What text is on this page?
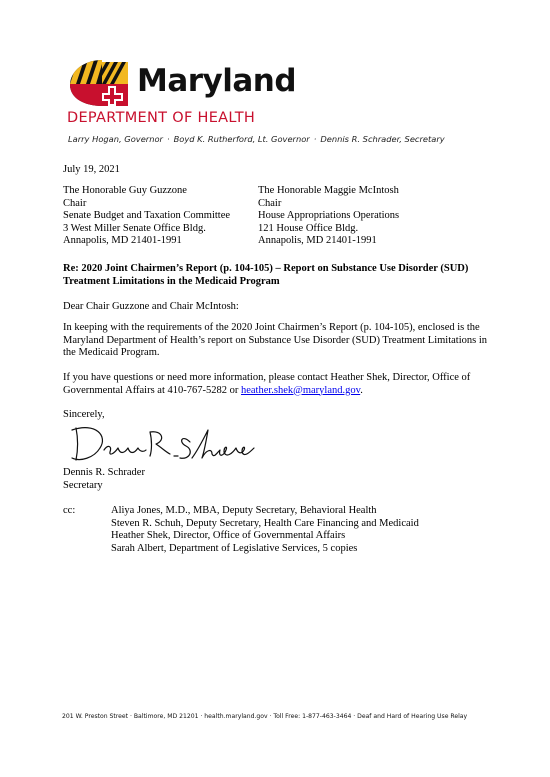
Maryland
DEPARTMENT OF HEALTH
Larry Hogan, Governor · Boyd K. Rutherford, Lt. Governor · Dennis R. Schrader, Secretary
July 19, 2021
The Honorable Guy Guzzone
Chair
Senate Budget and Taxation Committee
3 West Miller Senate Office Bldg.
Annapolis, MD 21401-1991
The Honorable Maggie McIntosh
Chair
House Appropriations Operations
121 House Office Bldg.
Annapolis, MD 21401-1991
Re: 2020 Joint Chairmen’s Report (p. 104-105) – Report on Substance Use Disorder (SUD) Treatment Limitations in the Medicaid Program
Dear Chair Guzzone and Chair McIntosh:
In keeping with the requirements of the 2020 Joint Chairmen’s Report (p. 104-105), enclosed is the Maryland Department of Health’s report on Substance Use Disorder (SUD) Treatment Limitations in the Medicaid Program.
If you have questions or need more information, please contact Heather Shek, Director, Office of Governmental Affairs at 410-767-5282 or heather.shek@maryland.gov.
Sincerely,
Dennis R. Schrader
Secretary
cc:	Aliya Jones, M.D., MBA, Deputy Secretary, Behavioral Health
Steven R. Schuh, Deputy Secretary, Health Care Financing and Medicaid
Heather Shek, Director, Office of Governmental Affairs
Sarah Albert, Department of Legislative Services, 5 copies
201 W. Preston Street · Baltimore, MD 21201 · health.maryland.gov · Toll Free: 1-877-463-3464 · Deaf and Hard of Hearing Use Relay
